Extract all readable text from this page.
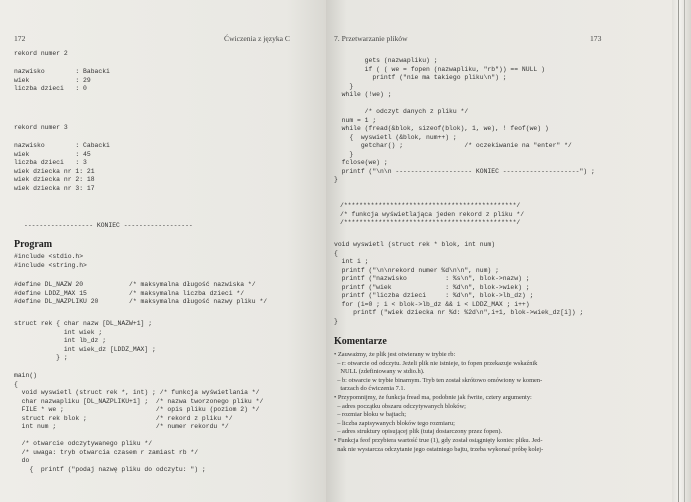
172	Ćwiczenia z języka C
rekord numer 2
nazwisko        : Babacki
wiek            : 29
liczba dzieci   : 0
rekord numer 3
nazwisko        : Cabacki
wiek            : 45
liczba dzieci   : 3
wiek dziecka nr 1: 21
wiek dziecka nr 2: 18
wiek dziecka nr 3: 17
------------------ KONIEC ------------------
Program
#include <stdio.h>
#include <string.h>
#define DL_NAZW 20            /* maksymalna długość nazwiska */
#define LDDZ_MAX 15           /* maksymalna liczba dzieci */
#define DL_NAZPLIKU 20        /* maksymalna długość nazwy pliku */
struct rek { char nazw [DL_NAZW+1] ;
int wiek ;
int lb_dz ;
int wiek_dz [LDDZ_MAX] ;
} ;
main()
{
void wyswietl (struct rek *, int) ; /* funkcja wyświetlania */
char nazwapliku [DL_NAZPLIKU+1] ;  /* nazwa tworzonego pliku */
FILE * we ;                        /* opis pliku (poziom 2) */
struct rek blok ;                  /* rekord z pliku */
int num ;                          /* numer rekordu */

/* otwarcie odczytywanego pliku */
/* uwaga: tryb otwarcia czasem r zamiast rb */
do
{  printf ("podaj nazwę pliku do odczytu: ") ;
7. Przetwarzanie plików	173
gets (nazwapliku) ;
if ( ( we = fopen (nazwapliku, "rb")) == NULL )
printf ("nie ma takiego pliku\n") ;
}
while (!we) ;

/* odczyt danych z pliku */
num = 1 ;
while (fread(&blok, sizeof(blok), 1, we), ! feof(we) )
{  wyswietl (&blok, num++) ;
getchar() ;                /* oczekiwanie na "enter" */
}
fclose(we) ;
printf ("\n\n -------------------- KONIEC --------------------") ;
}
/*********************************************/
/* funkcja wyświetlająca jeden rekord z pliku */
/*********************************************/
void wyswietl (struct rek * blok, int num)
{
int i ;
printf ("\n\nrekord numer %d\n\n", num) ;
printf ("nazwisko          : %s\n", blok->nazw) ;
printf ("wiek              : %d\n", blok->wiek) ;
printf ("liczba dzieci     : %d\n", blok->lb_dz) ;
for (i=0 ; i < blok->lb_dz && i < LDDZ_MAX ; i++)
printf ("wiek dziecka nr %d: %2d\n",i+1, blok->wiek_dz[i]) ;
}
Komentarze
• Zauważmy, że plik jest otwierany w trybie rb:
– r: otwarcie od odczytu. Jeżeli plik nie istnieje, to fopen przekazuje wskaźnik
NULL (zdefiniowany w stdio.h).
– b: otwarcie w trybie binarnym. Tryb ten został skrótowo omówiony w komen-
tarzach do ćwiczenia 7.1.
• Przypomnijmy, że funkcja fread ma, podobnie jak fwrite, cztery argumenty:
– adres początku obszaru odczytywanych bloków;
– rozmiar bloku w bajtach;
– liczba zapisywanych bloków tego rozmiaru;
– adres struktury opisującej plik (tutaj dostarczony przez fopen).
• Funkcja feof przybiera wartość true (1), gdy został osiągnięty koniec pliku. Jed-
nak nie wystarcza odczytanie jego ostatniego bajtu, trzeba wykonać próbę kolej-
